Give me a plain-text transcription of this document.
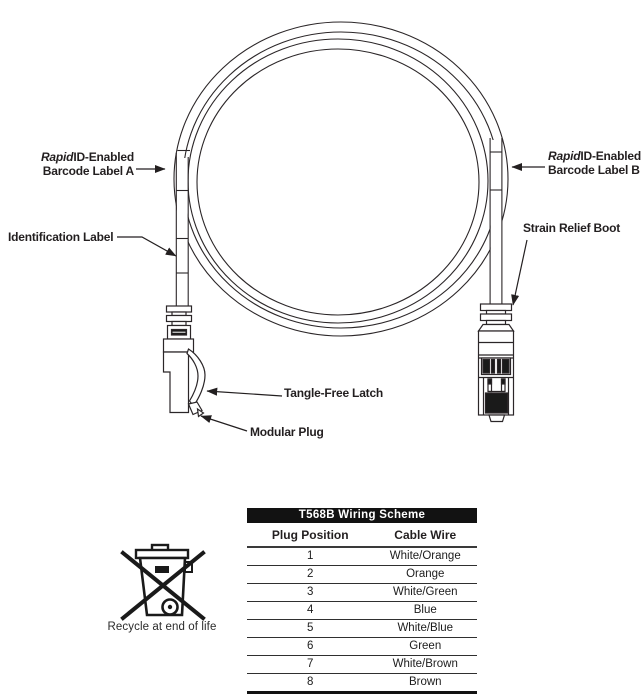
RapidID-Enabled
Barcode Label A
RapidID-Enabled
Barcode Label B
Identification Label
Strain Relief Boot
Tangle-Free Latch
Modular Plug
Recycle at end of life
T568B Wiring Scheme
Plug Position	Cable Wire
1	White/Orange
2	Orange
3	White/Green
4	Blue
5	White/Blue
6	Green
7	White/Brown
8	Brown
